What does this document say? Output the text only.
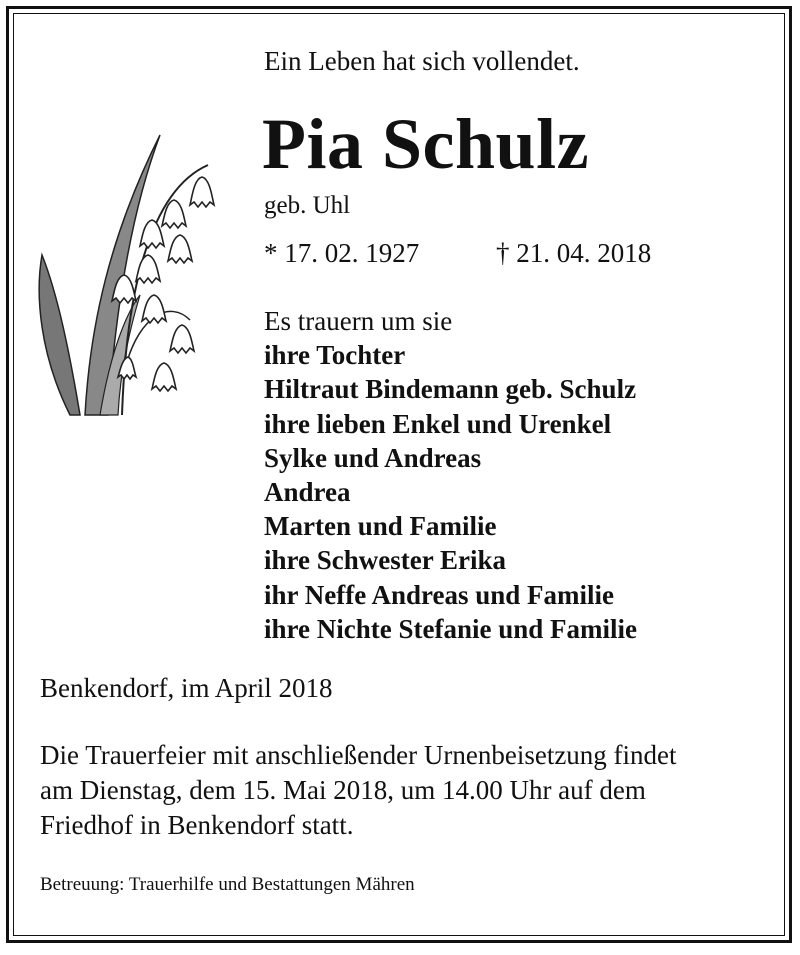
Ein Leben hat sich vollendet.
Pia Schulz
geb. Uhl
* 17. 02. 1927	† 21. 04. 2018
Es trauern um sie
ihre Tochter
Hiltraut Bindemann geb. Schulz
ihre lieben Enkel und Urenkel
Sylke und Andreas
Andrea
Marten und Familie
ihre Schwester Erika
ihr Neffe Andreas und Familie
ihre Nichte Stefanie und Familie
Benkendorf, im April 2018
Die Trauerfeier mit anschließender Urnenbeisetzung findet
am Dienstag, dem 15. Mai 2018, um 14.00 Uhr auf dem
Friedhof in Benkendorf statt.
Betreuung: Trauerhilfe und Bestattungen Mähren
